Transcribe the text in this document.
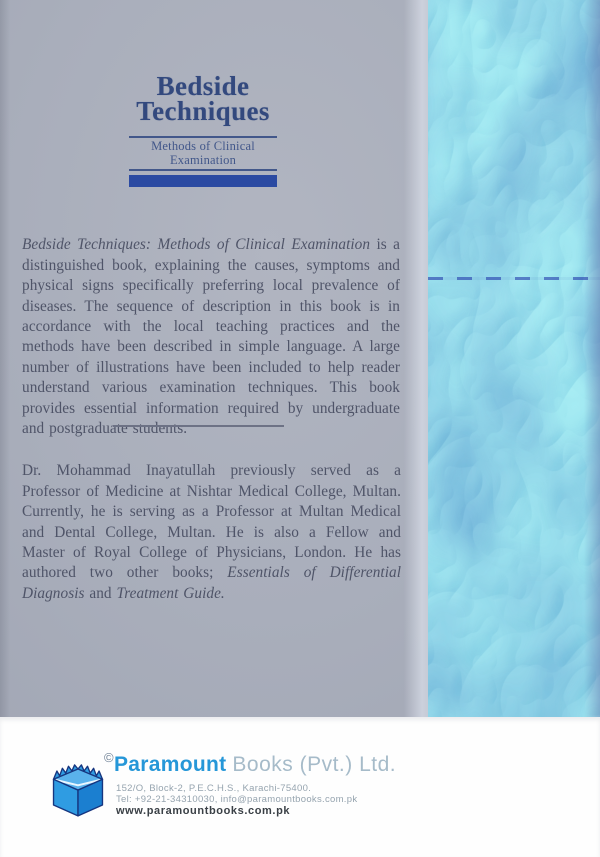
Bedside
Techniques
Methods of Clinical Examination

Bedside Techniques: Methods of Clinical Examination is a distinguished book, explaining the causes, symptoms and physical signs specifically preferring local prevalence of diseases. The sequence of description in this book is in accordance with the local teaching practices and the methods have been described in simple language. A large number of illustrations have been included to help reader understand various examination techniques. This book provides essential information required by undergraduate and postgraduate students.

Dr. Mohammad Inayatullah previously served as a Professor of Medicine at Nishtar Medical College, Multan. Currently, he is serving as a Professor at Multan Medical and Dental College, Multan. He is also a Fellow and Master of Royal College of Physicians, London. He has authored two other books; Essentials of Differential Diagnosis and Treatment Guide.

© Paramount Books (Pvt.) Ltd.
152/O, Block-2, P.E.C.H.S., Karachi-75400.
Tel: +92-21-34310030, info@paramountbooks.com.pk
www.paramountbooks.com.pk
